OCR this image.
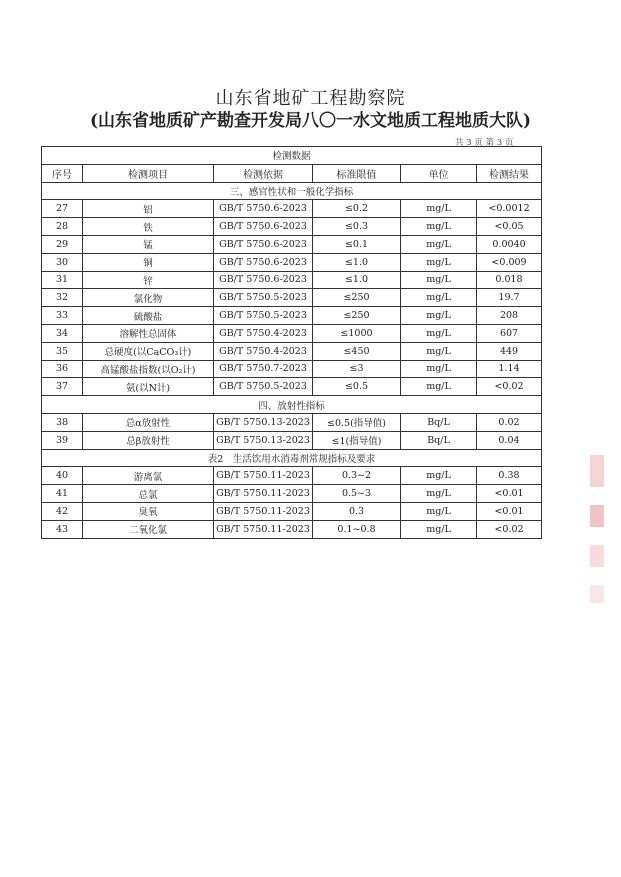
山东省地矿工程勘察院
(山东省地质矿产勘查开发局八〇一水文地质工程地质大队)
共 3 页 第 3 页
检测数据					
序号	检测项目	检测依据	标准限值	单位	检测结果
三、感官性状和一般化学指标					
27	铝	GB/T 5750.6-2023	≤0.2	mg/L	<0.0012
28	铁	GB/T 5750.6-2023	≤0.3	mg/L	<0.05
29	锰	GB/T 5750.6-2023	≤0.1	mg/L	0.0040
30	铜	GB/T 5750.6-2023	≤1.0	mg/L	<0.009
31	锌	GB/T 5750.6-2023	≤1.0	mg/L	0.018
32	氯化物	GB/T 5750.5-2023	≤250	mg/L	19.7
33	硫酸盐	GB/T 5750.5-2023	≤250	mg/L	208
34	溶解性总固体	GB/T 5750.4-2023	≤1000	mg/L	607
35	总硬度(以CaCO₃计)	GB/T 5750.4-2023	≤450	mg/L	449
36	高锰酸盐指数(以O₂计)	GB/T 5750.7-2023	≤3	mg/L	1.14
37	氨(以N计)	GB/T 5750.5-2023	≤0.5	mg/L	<0.02
四、放射性指标					
38	总α放射性	GB/T 5750.13-2023	≤0.5(指导值)	Bq/L	0.02
39	总β放射性	GB/T 5750.13-2023	≤1(指导值)	Bq/L	0.04
表2　生活饮用水消毒剂常规指标及要求					
40	游离氯	GB/T 5750.11-2023	0.3~2	mg/L	0.38
41	总氯	GB/T 5750.11-2023	0.5~3	mg/L	<0.01
42	臭氧	GB/T 5750.11-2023	0.3	mg/L	<0.01
43	二氧化氯	GB/T 5750.11-2023	0.1~0.8	mg/L	<0.02
